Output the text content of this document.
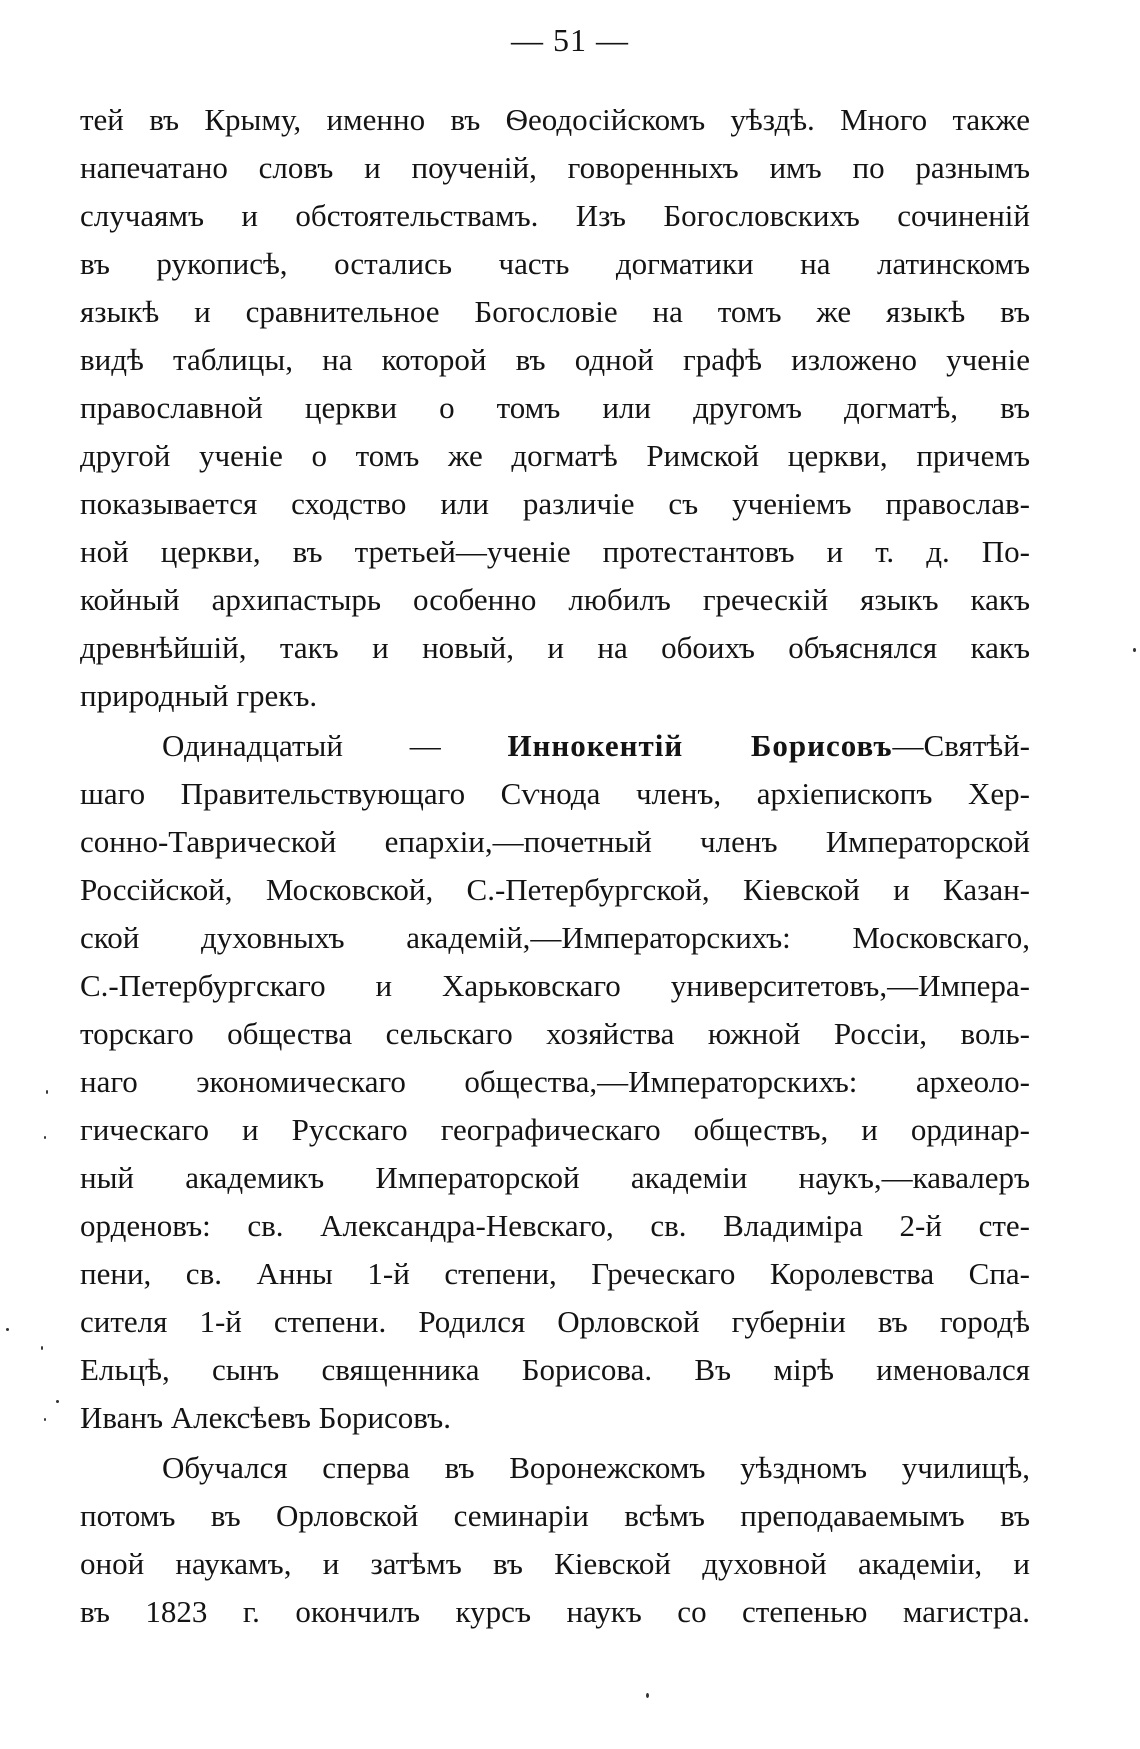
— 51 —
тей въ Крыму, именно въ Ѳеодосійскомъ уѣздѣ. Много также
напечатано словъ и поученій, говоренныхъ имъ по разнымъ
случаямъ и обстоятельствамъ. Изъ Богословскихъ сочиненій
въ рукописѣ, остались часть догматики на латинскомъ
языкѣ и сравнительное Богословіе на томъ же языкѣ въ
видѣ таблицы, на которой въ одной графѣ изложено ученіе
православной церкви о томъ или другомъ догматѣ, въ
другой ученіе о томъ же догматѣ Римской церкви, причемъ
показывается сходство или различіе съ ученіемъ православ-
ной церкви, въ третьей—ученіе протестантовъ и т. д. По-
койный архипастырь особенно любилъ греческій языкъ какъ
древнѣйшій, такъ и новый, и на обоихъ объяснялся какъ
природный грекъ.
Одинадцатый — Иннокентій Борисовъ—Святѣй-
шаго Правительствующаго Сѵнода членъ, архіепископъ Хер-
сонно-Таврической епархіи,—почетный членъ Императорской
Россійской, Московской, С.-Петербургской, Кіевской и Казан-
ской духовныхъ академій,—Императорскихъ: Московскаго,
С.-Петербургскаго и Харьковскаго университетовъ,—Импера-
торскаго общества сельскаго хозяйства южной Россіи, воль-
наго экономическаго общества,—Императорскихъ: археоло-
гическаго и Русскаго географическаго обществъ, и ординар-
ный академикъ Императорской академіи наукъ,—кавалеръ
орденовъ: св. Александра-Невскаго, св. Владиміра 2-й сте-
пени, св. Анны 1-й степени, Греческаго Королевства Спа-
сителя 1-й степени. Родился Орловской губерніи въ городѣ
Ельцѣ, сынъ священника Борисова. Въ мірѣ именовался
Иванъ Алексѣевъ Борисовъ.
Обучался сперва въ Воронежскомъ уѣздномъ училищѣ,
потомъ въ Орловской семинаріи всѣмъ преподаваемымъ въ
оной наукамъ, и затѣмъ въ Кіевской духовной академіи, и
въ 1823 г. окончилъ курсъ наукъ со степенью магистра.
